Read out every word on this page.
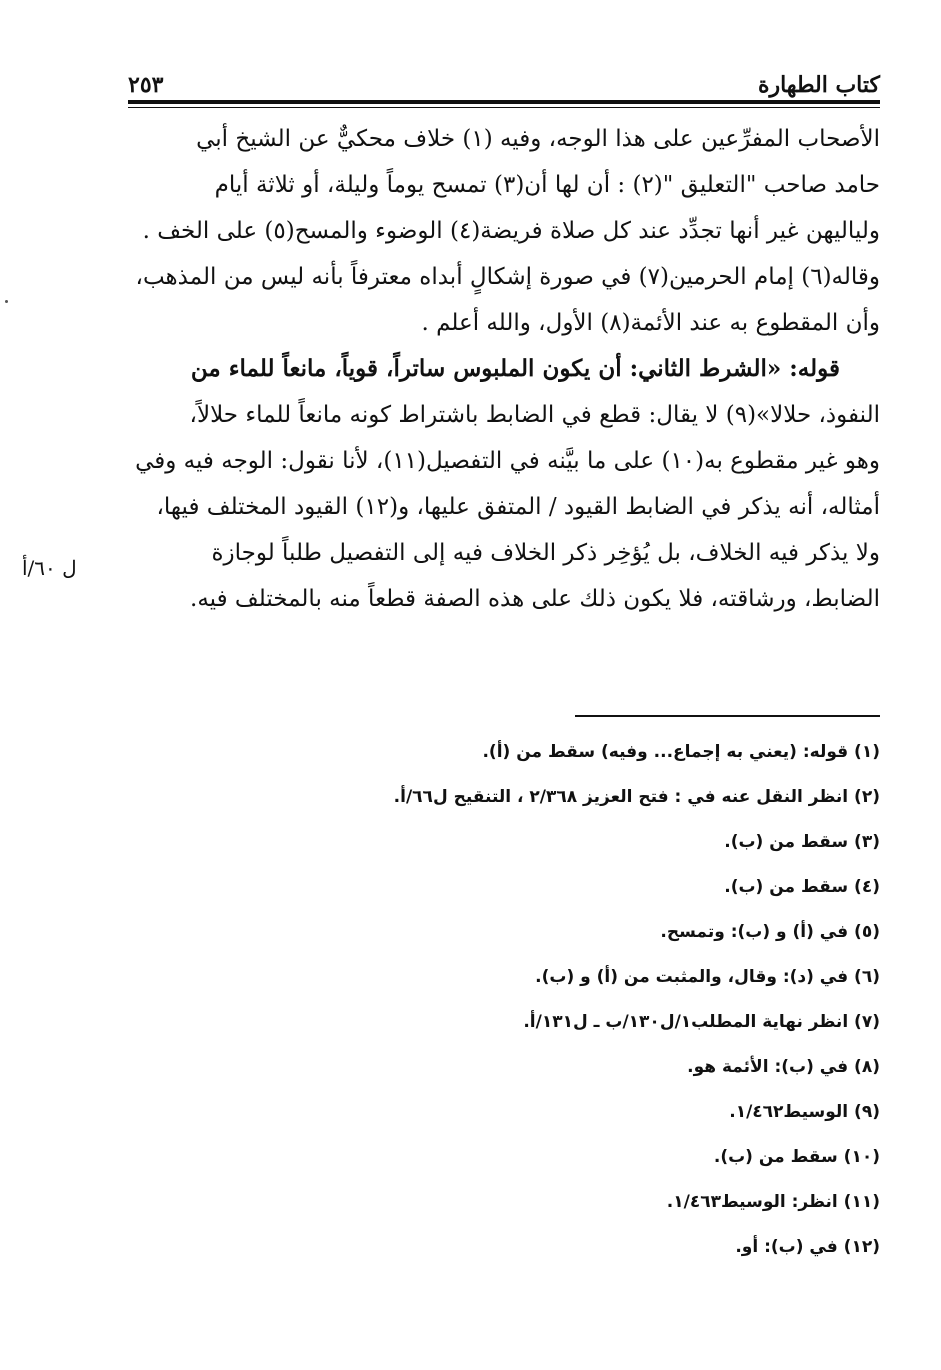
كتاب الطهارة
٢٥٣
الأصحاب المفرِّعين على هذا الوجه، وفيه (١) خلاف محكيٌّ عن الشيخ أبي
حامد صاحب "التعليق "(٢) : أن لها أن(٣) تمسح يوماً وليلة، أو ثلاثة أيام
ولياليهن غير أنها تجدِّد عند كل صلاة فريضة(٤) الوضوء والمسح(٥) على الخف .
وقاله(٦) إمام الحرمين(٧) في صورة إشكالٍ أبداه معترفاً بأنه ليس من المذهب،
وأن المقطوع به عند الأئمة(٨) الأول، والله أعلم .
قوله: «الشرط الثاني: أن يكون الملبوس ساتراً، قوياً، مانعاً للماء من
النفوذ، حلالا»(٩) لا يقال: قطع في الضابط باشتراط كونه مانعاً للماء حلالاً،
وهو غير مقطوع به(١٠) على ما بيَّنه في التفصيل(١١)، لأنا نقول: الوجه فيه وفي
أمثاله، أنه يذكر في الضابط القيود / المتفق عليها، و(١٢) القيود المختلف فيها،
ولا يذكر فيه الخلاف، بل يُؤخِر ذكر الخلاف فيه إلى التفصيل طلباً لوجازة
الضابط، ورشاقته، فلا يكون ذلك على هذه الصفة قطعاً منه بالمختلف فيه.
ل ٦٠/أ
(١) قوله: (يعني به إجماع... وفيه) سقط من (أ).
(٢) انظر النقل عنه في : فتح العزيز ٢/٣٦٨ ، التنقيح ل٦٦/أ.
(٣) سقط من (ب).
(٤) سقط من (ب).
(٥) في (أ) و (ب): وتمسح.
(٦) في (د): وقال، والمثبت من (أ) و (ب).
(٧) انظر نهاية المطلب١/ل١٣٠/ب ـ ل١٣١/أ.
(٨) في (ب): الأئمة هو.
(٩) الوسيط١/٤٦٢.
(١٠) سقط من (ب).
(١١) انظر: الوسيط١/٤٦٣.
(١٢) في (ب): أو.
